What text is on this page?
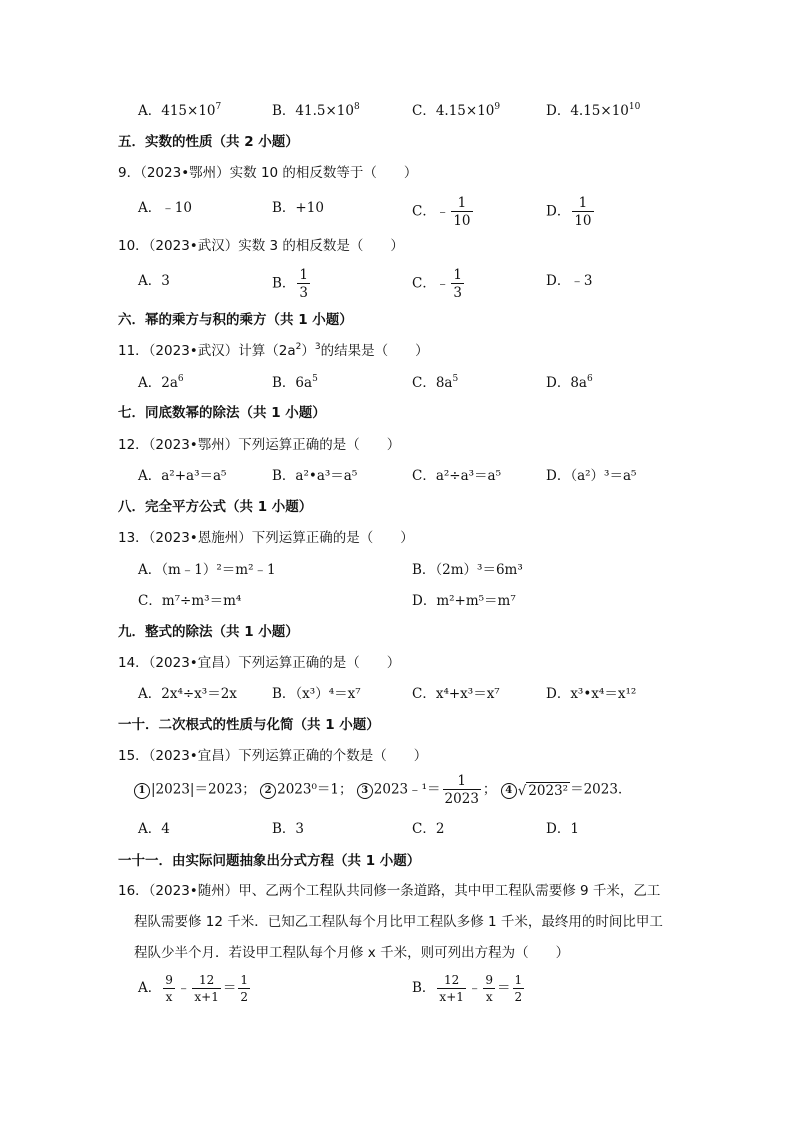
A．$415\times 10^7$	B．$41.5\times 10^8$	C．$4.15\times 10^9$	D．$4.15\times 10^{10}$
五．实数的性质（共 2 小题）
9．（2023•鄂州）实数 10 的相反数等于（　　）
A．﹣10	B．+10	C．﹣ $\frac{1}{10}$	D． $\frac{1}{10}$
10．（2023•武汉）实数 3 的相反数是（　　）
A．3	B． $\frac{1}{3}$	C．﹣ $\frac{1}{3}$	D．﹣3
六．幂的乘方与积的乘方（共 1 小题）
11．（2023•武汉）计算$(2a^2)^3$的结果是（　　）
A．$2a^6$	B．$6a^5$	C．$8a^5$	D．$8a^6$
七．同底数幂的除法（共 1 小题）
12．（2023•鄂州）下列运算正确的是（　　）
A．a²+a³＝a⁵	B．a²•a³＝a⁵	C．a²÷a³＝a⁵	D．（a²）³＝a⁵
八．完全平方公式（共 1 小题）
13．（2023•恩施州）下列运算正确的是（　　）
A．（m﹣1）²＝m²﹣1	B．（2m）³＝6m³
C．m⁷÷m³＝m⁴	D．m²+m⁵＝m⁷
九．整式的除法（共 1 小题）
14．（2023•宜昌）下列运算正确的是（　　）
A．2x⁴÷x³＝2x	B．（x³）⁴＝x⁷	C．x⁴+x³＝x⁷	D．x³•x⁴＝x¹²
一十．二次根式的性质与化简（共 1 小题）
15．（2023•宜昌）下列运算正确的个数是（　　）
1 |2023|＝2023； 2 2023⁰＝1； 3 2023﹣¹＝ $\frac{1}{2023}$ ； 4 √ 2023² ＝2023．
A．4	B．3	C．2	D．1
一十一．由实际问题抽象出分式方程（共 1 小题）
16．（2023•随州）甲、乙两个工程队共同修一条道路，其中甲工程队需要修 9 千米，乙工
程队需要修 12 千米．已知乙工程队每个月比甲工程队多修 1 千米，最终用的时间比甲工
程队少半个月．若设甲工程队每个月修 x 千米，则可列出方程为（　　）
A． $\frac{9}{x}$ ﹣ $\frac{12}{x+1} = \frac{1}{2}$	B． $\frac{12}{x+1}$ ﹣ $\frac{9}{x} = \frac{1}{2}$
